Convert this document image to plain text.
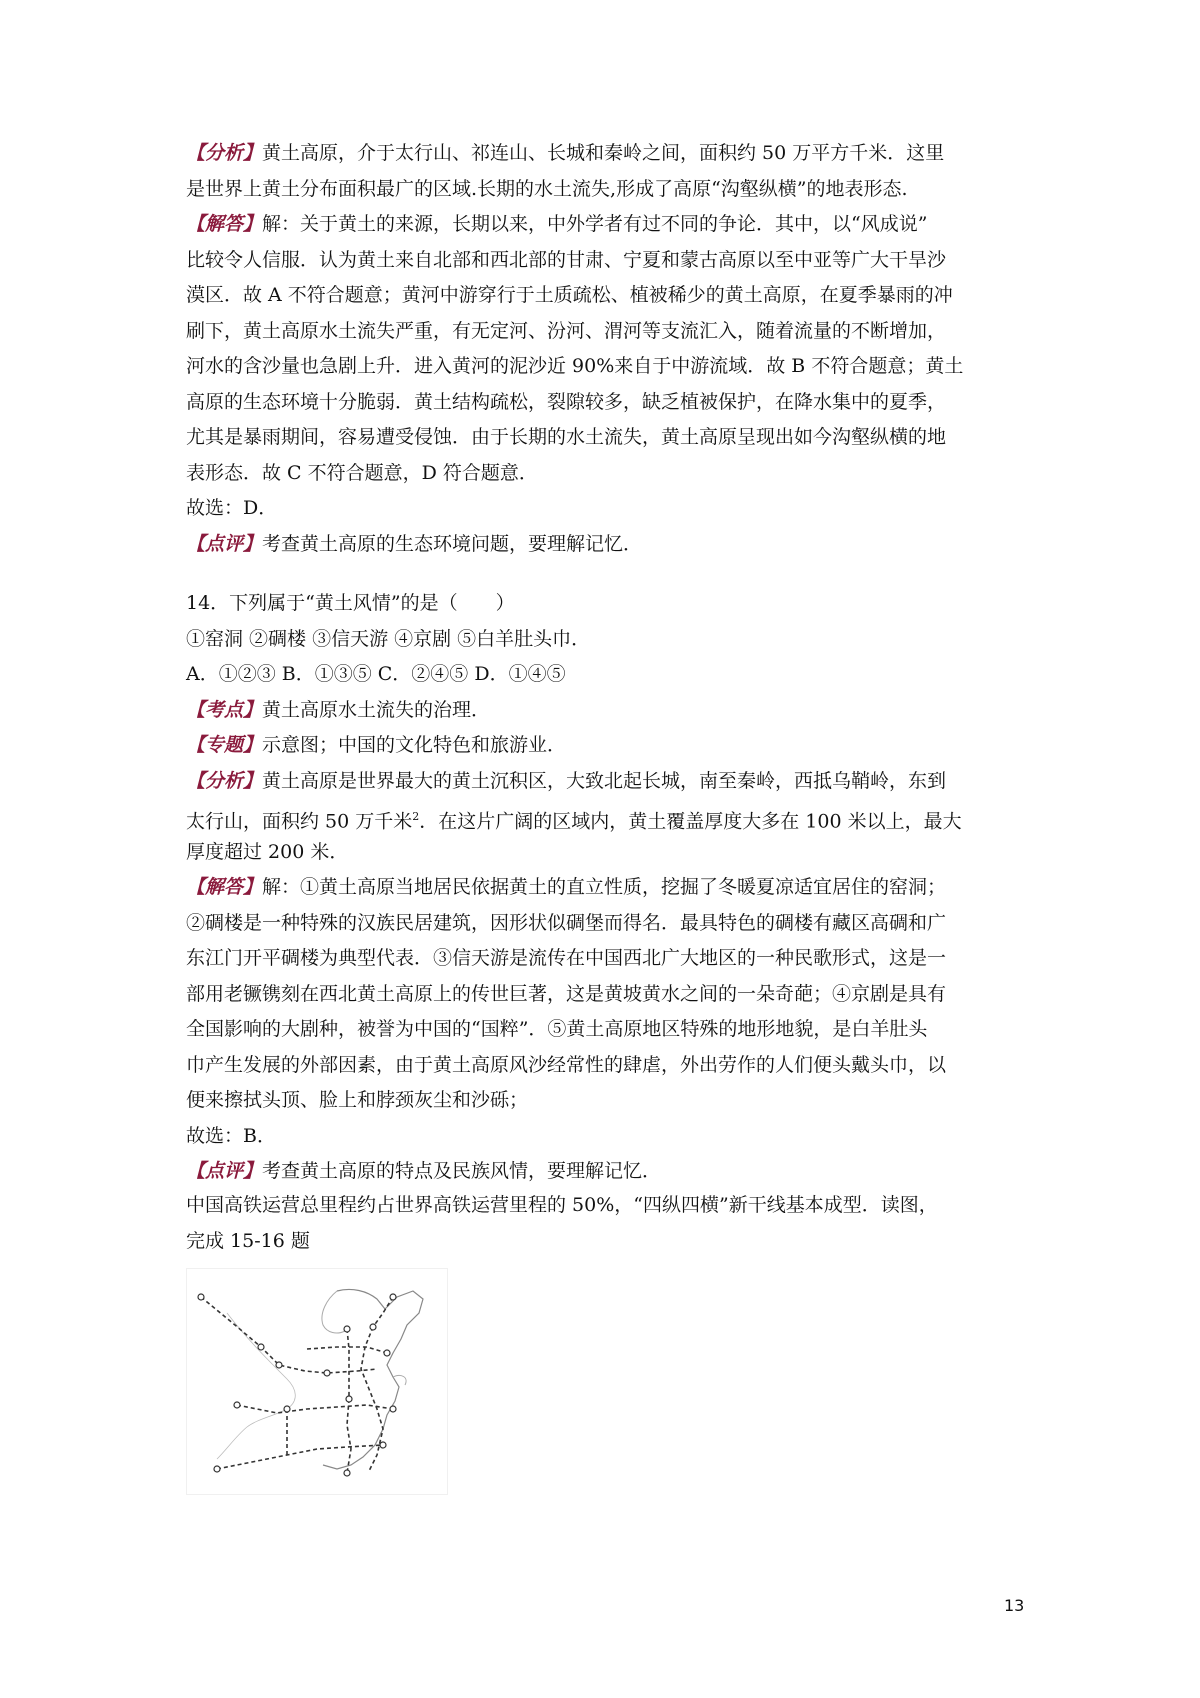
【分析】黄土高原，介于太行山、祁连山、长城和秦岭之间，面积约 50 万平方千米．这里
是世界上黄土分布面积最广的区域.长期的水土流失,形成了高原“沟壑纵横”的地表形态.
【解答】解：关于黄土的来源，长期以来，中外学者有过不同的争论．其中，以“风成说”
比较令人信服．认为黄土来自北部和西北部的甘肃、宁夏和蒙古高原以至中亚等广大干旱沙
漠区．故 A 不符合题意；黄河中游穿行于土质疏松、植被稀少的黄土高原，在夏季暴雨的冲
刷下，黄土高原水土流失严重，有无定河、汾河、渭河等支流汇入，随着流量的不断增加，
河水的含沙量也急剧上升．进入黄河的泥沙近 90%来自于中游流域．故 B 不符合题意；黄土
高原的生态环境十分脆弱．黄土结构疏松，裂隙较多，缺乏植被保护，在降水集中的夏季，
尤其是暴雨期间，容易遭受侵蚀．由于长期的水土流失，黄土高原呈现出如今沟壑纵横的地
表形态．故 C 不符合题意，D 符合题意．
故选：D．
【点评】考查黄土高原的生态环境问题，要理解记忆．
14．下列属于“黄土风情”的是（　　）
①窑洞 ②碉楼 ③信天游 ④京剧 ⑤白羊肚头巾．
A．①②③ B．①③⑤ C．②④⑤ D．①④⑤
【考点】黄土高原水土流失的治理．
【专题】示意图；中国的文化特色和旅游业．
【分析】黄土高原是世界最大的黄土沉积区，大致北起长城，南至秦岭，西抵乌鞘岭，东到
太行山，面积约 50 万千米$^2$．在这片广阔的区域内，黄土覆盖厚度大多在 100 米以上，最大
厚度超过 200 米．
【解答】解：①黄土高原当地居民依据黄土的直立性质，挖掘了冬暖夏凉适宜居住的窑洞；
②碉楼是一种特殊的汉族民居建筑，因形状似碉堡而得名．最具特色的碉楼有藏区高碉和广
东江门开平碉楼为典型代表．③信天游是流传在中国西北广大地区的一种民歌形式，这是一
部用老镢镌刻在西北黄土高原上的传世巨著，这是黄坡黄水之间的一朵奇葩；④京剧是具有
全国影响的大剧种，被誉为中国的“国粹”．⑤黄土高原地区特殊的地形地貌，是白羊肚头
巾产生发展的外部因素，由于黄土高原风沙经常性的肆虐，外出劳作的人们便头戴头巾，以
便来擦拭头顶、脸上和脖颈灰尘和沙砾；
故选：B．
【点评】考查黄土高原的特点及民族风情，要理解记忆．
中国高铁运营总里程约占世界高铁运营里程的 50%，“四纵四横”新干线基本成型．读图，
完成 15-16 题
13
